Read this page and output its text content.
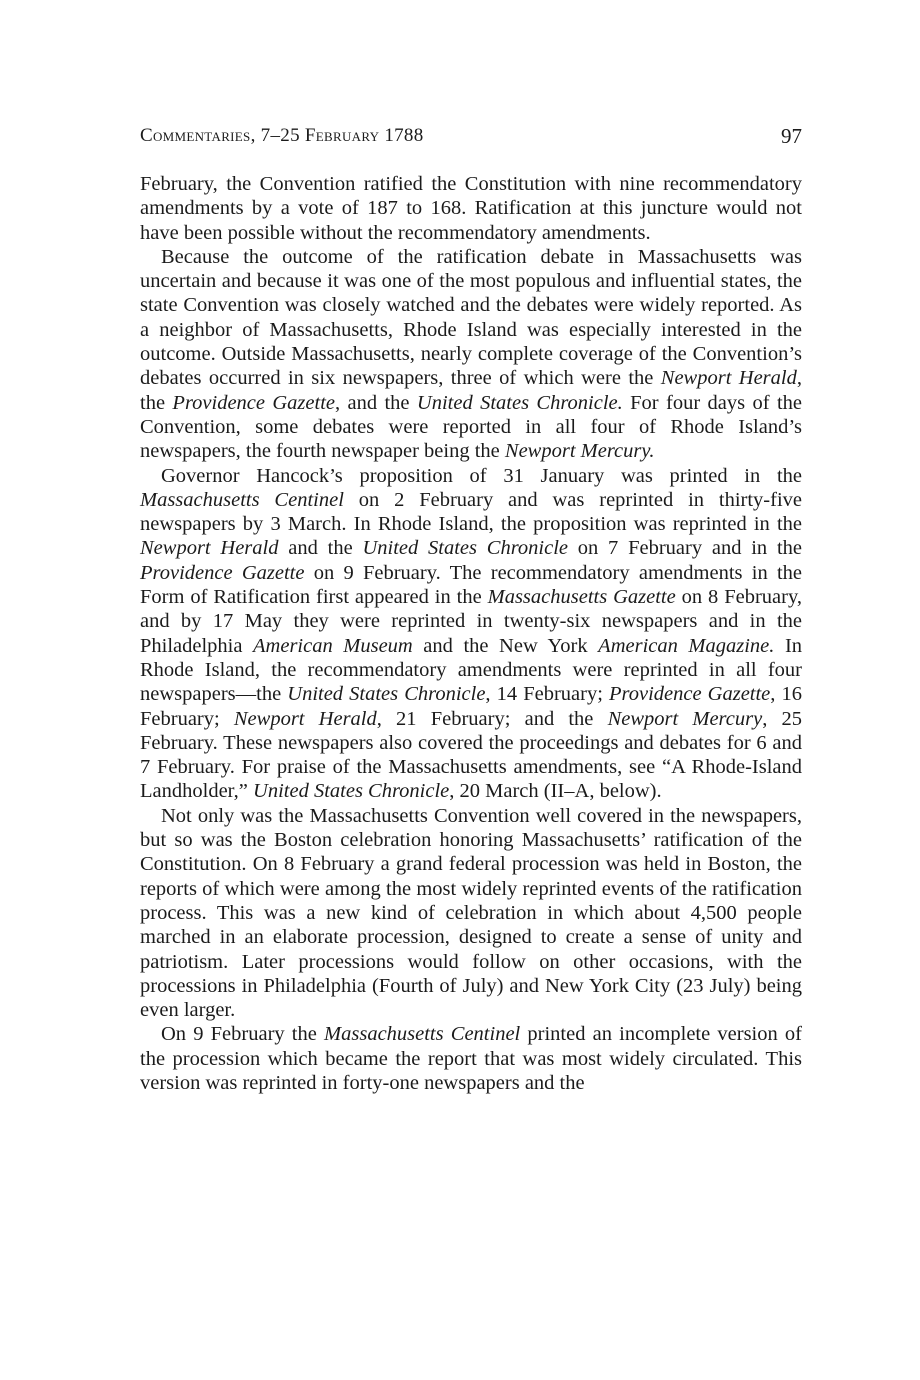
Commentaries, 7–25 February 1788	97

February, the Convention ratified the Constitution with nine recommendatory amendments by a vote of 187 to 168. Ratification at this juncture would not have been possible without the recommendatory amendments.

Because the outcome of the ratification debate in Massachusetts was uncertain and because it was one of the most populous and influential states, the state Convention was closely watched and the debates were widely reported. As a neighbor of Massachusetts, Rhode Island was especially interested in the outcome. Outside Massachusetts, nearly complete coverage of the Convention’s debates occurred in six newspapers, three of which were the Newport Herald, the Providence Gazette, and the United States Chronicle. For four days of the Convention, some debates were reported in all four of Rhode Island’s newspapers, the fourth newspaper being the Newport Mercury.

Governor Hancock’s proposition of 31 January was printed in the Massachusetts Centinel on 2 February and was reprinted in thirty-five newspapers by 3 March. In Rhode Island, the proposition was reprinted in the Newport Herald and the United States Chronicle on 7 February and in the Providence Gazette on 9 February. The recommendatory amendments in the Form of Ratification first appeared in the Massachusetts Gazette on 8 February, and by 17 May they were reprinted in twenty-six newspapers and in the Philadelphia American Museum and the New York American Magazine. In Rhode Island, the recommendatory amendments were reprinted in all four newspapers—the United States Chronicle, 14 February; Providence Gazette, 16 February; Newport Herald, 21 February; and the Newport Mercury, 25 February. These newspapers also covered the proceedings and debates for 6 and 7 February. For praise of the Massachusetts amendments, see “A Rhode-Island Landholder,” United States Chronicle, 20 March (II–A, below).

Not only was the Massachusetts Convention well covered in the newspapers, but so was the Boston celebration honoring Massachusetts’ ratification of the Constitution. On 8 February a grand federal procession was held in Boston, the reports of which were among the most widely reprinted events of the ratification process. This was a new kind of celebration in which about 4,500 people marched in an elaborate procession, designed to create a sense of unity and patriotism. Later processions would follow on other occasions, with the processions in Philadelphia (Fourth of July) and New York City (23 July) being even larger.

On 9 February the Massachusetts Centinel printed an incomplete version of the procession which became the report that was most widely circulated. This version was reprinted in forty-one newspapers and the
